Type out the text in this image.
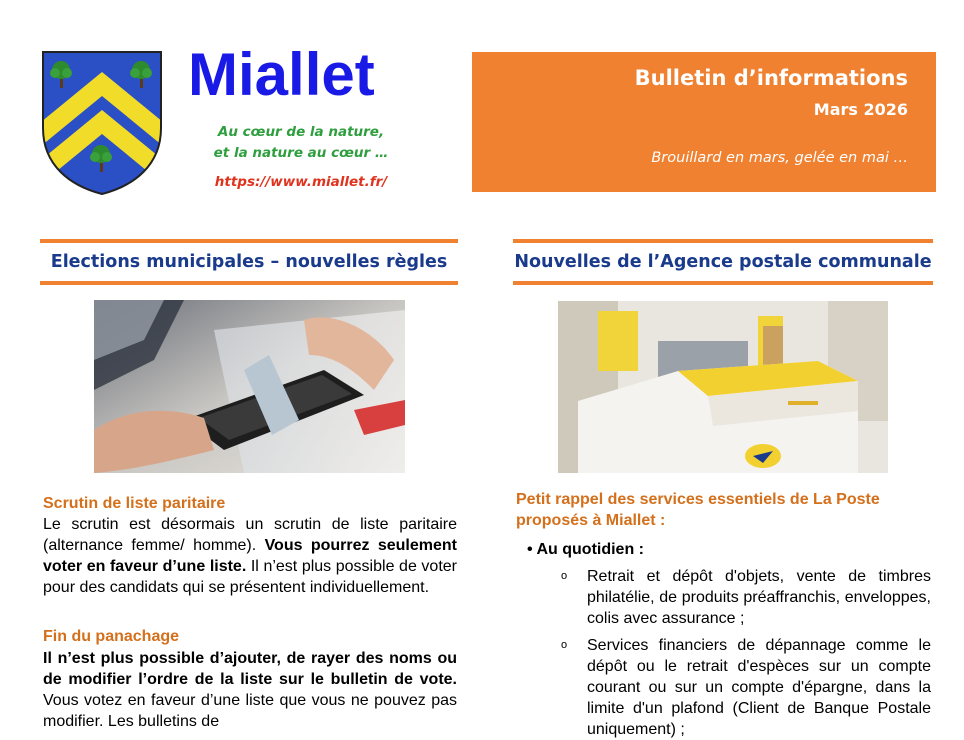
Miallet
Au cœur de la nature,
et la nature au cœur …
https://www.miallet.fr/
Bulletin d’informations
Mars 2026
Brouillard en mars, gelée en mai …
Elections municipales – nouvelles règles	Nouvelles de l’Agence postale communale
Scrutin de liste paritaire
Le scrutin est désormais un scrutin de liste paritaire (alternance femme/ homme). Vous pourrez seulement voter en faveur d’une liste. Il n’est plus possible de voter pour des candidats qui se présentent individuellement.
Fin du panachage
Il n’est plus possible d’ajouter, de rayer des noms ou de modifier l’ordre de la liste sur le bulletin de vote. Vous votez en faveur d’une liste que vous ne pouvez pas modifier. Les bulletins de
Petit rappel des services essentiels de La Poste proposés à Miallet :
• Au quotidien :
o Retrait et dépôt d'objets, vente de timbres philatélie, de produits préaffranchis, enveloppes, colis avec assurance ;
o Services financiers de dépannage comme le dépôt ou le retrait d'espèces sur un compte courant ou sur un compte d'épargne, dans la limite d'un plafond (Client de Banque Postale uniquement) ;
